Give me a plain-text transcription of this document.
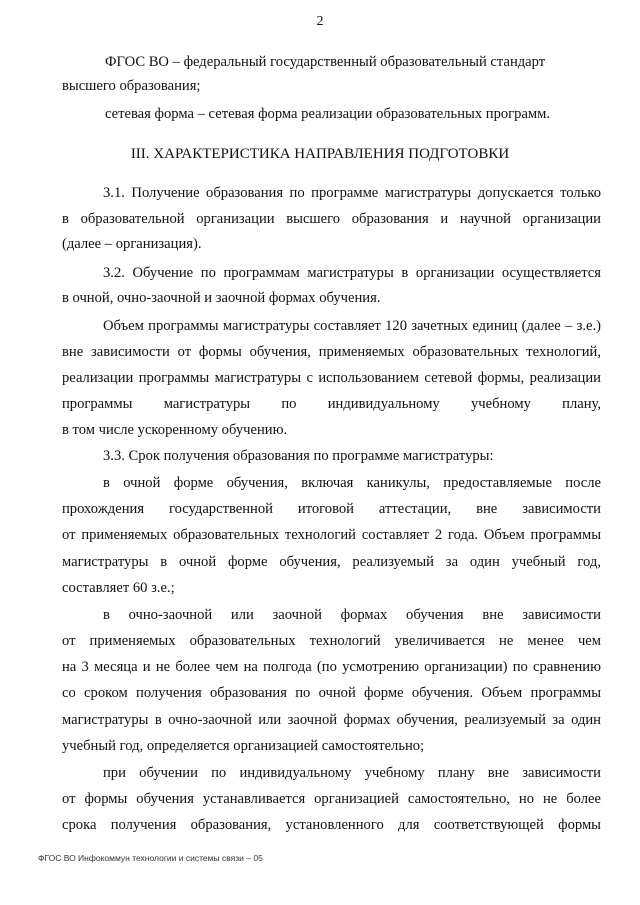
2
ФГОС ВО – федеральный государственный образовательный стандарт
высшего образования;
сетевая форма – сетевая форма реализации образовательных программ.
III. ХАРАКТЕРИСТИКА НАПРАВЛЕНИЯ ПОДГОТОВКИ
3.1. Получение образования по программе магистратуры допускается только
в образовательной организации высшего образования и научной организации
(далее – организация).
3.2. Обучение по программам магистратуры в организации осуществляется
в очной, очно-заочной и заочной формах обучения.
Объем программы магистратуры составляет 120 зачетных единиц (далее – з.е.)
вне зависимости от формы обучения, применяемых образовательных технологий,
реализации программы магистратуры с использованием сетевой формы, реализации
программы магистратуры по индивидуальному учебному плану,
в том числе ускоренному обучению.
3.3. Срок получения образования по программе магистратуры:
в очной форме обучения, включая каникулы, предоставляемые после
прохождения государственной итоговой аттестации, вне зависимости
от применяемых образовательных технологий составляет 2 года. Объем программы
магистратуры в очной форме обучения, реализуемый за один учебный год,
составляет 60 з.е.;
в очно-заочной или заочной формах обучения вне зависимости
от применяемых образовательных технологий увеличивается не менее чем
на 3 месяца и не более чем на полгода (по усмотрению организации) по сравнению
со сроком получения образования по очной форме обучения. Объем программы
магистратуры в очно-заочной или заочной формах обучения, реализуемый за один
учебный год, определяется организацией самостоятельно;
при обучении по индивидуальному учебному плану вне зависимости
от формы обучения устанавливается организацией самостоятельно, но не более
срока получения образования, установленного для соответствующей формы
ФГОС ВО Инфокоммун технологии и системы связи – 05
